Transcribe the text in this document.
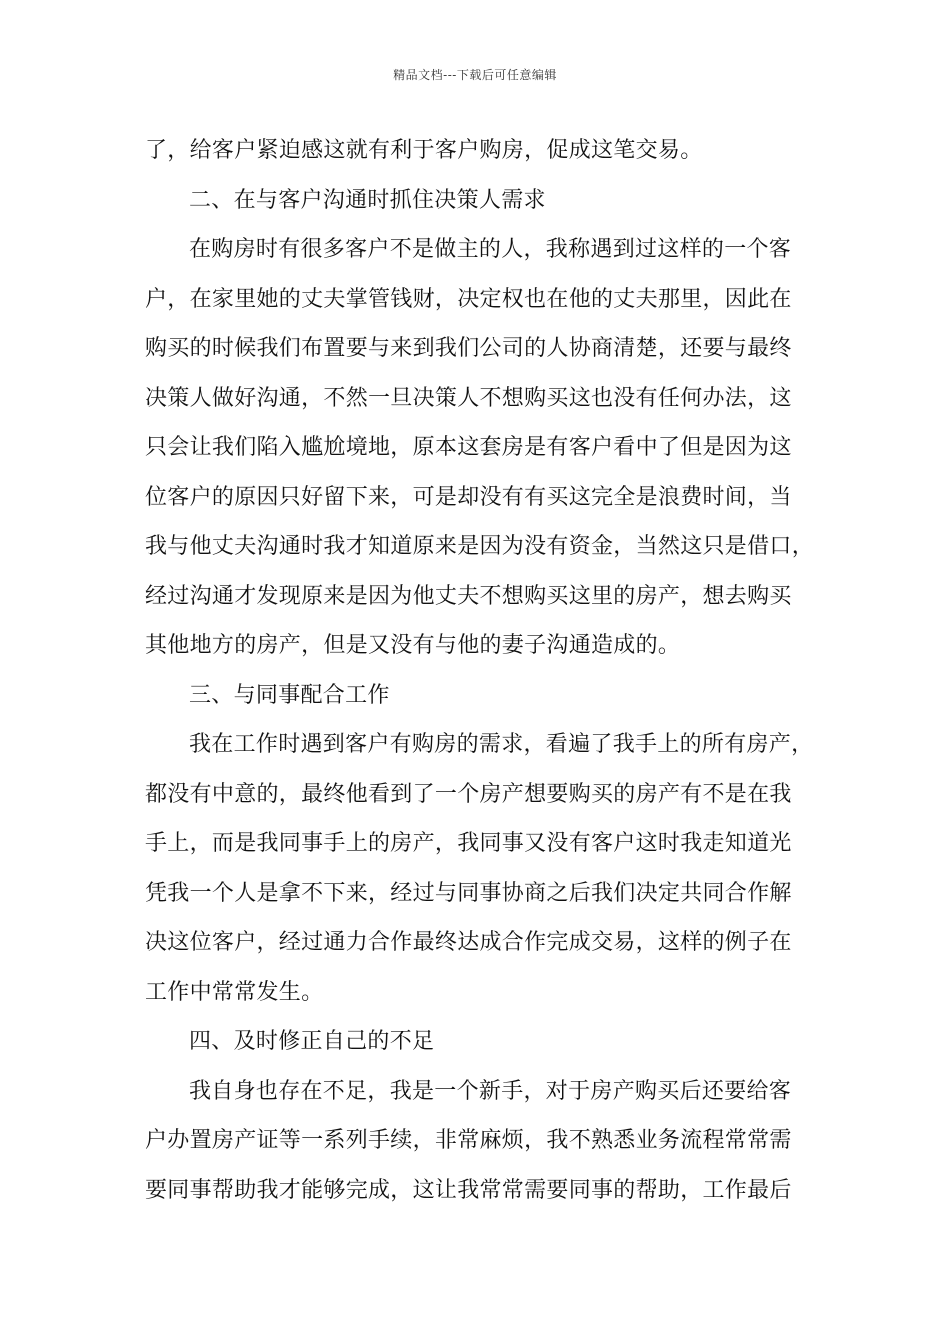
精品文档---下载后可任意编辑
了，给客户紧迫感这就有利于客户购房，促成这笔交易。
二、在与客户沟通时抓住决策人需求
在购房时有很多客户不是做主的人，我称遇到过这样的一个客
户，在家里她的丈夫掌管钱财，决定权也在他的丈夫那里，因此在
购买的时候我们布置要与来到我们公司的人协商清楚，还要与最终
决策人做好沟通，不然一旦决策人不想购买这也没有任何办法，这
只会让我们陷入尴尬境地，原本这套房是有客户看中了但是因为这
位客户的原因只好留下来，可是却没有有买这完全是浪费时间，当
我与他丈夫沟通时我才知道原来是因为没有资金，当然这只是借口，
经过沟通才发现原来是因为他丈夫不想购买这里的房产，想去购买
其他地方的房产，但是又没有与他的妻子沟通造成的。
三、与同事配合工作
我在工作时遇到客户有购房的需求，看遍了我手上的所有房产，
都没有中意的，最终他看到了一个房产想要购买的房产有不是在我
手上，而是我同事手上的房产，我同事又没有客户这时我走知道光
凭我一个人是拿不下来，经过与同事协商之后我们决定共同合作解
决这位客户，经过通力合作最终达成合作完成交易，这样的例子在
工作中常常发生。
四、及时修正自己的不足
我自身也存在不足，我是一个新手，对于房产购买后还要给客
户办置房产证等一系列手续，非常麻烦，我不熟悉业务流程常常需
要同事帮助我才能够完成，这让我常常需要同事的帮助，工作最后
